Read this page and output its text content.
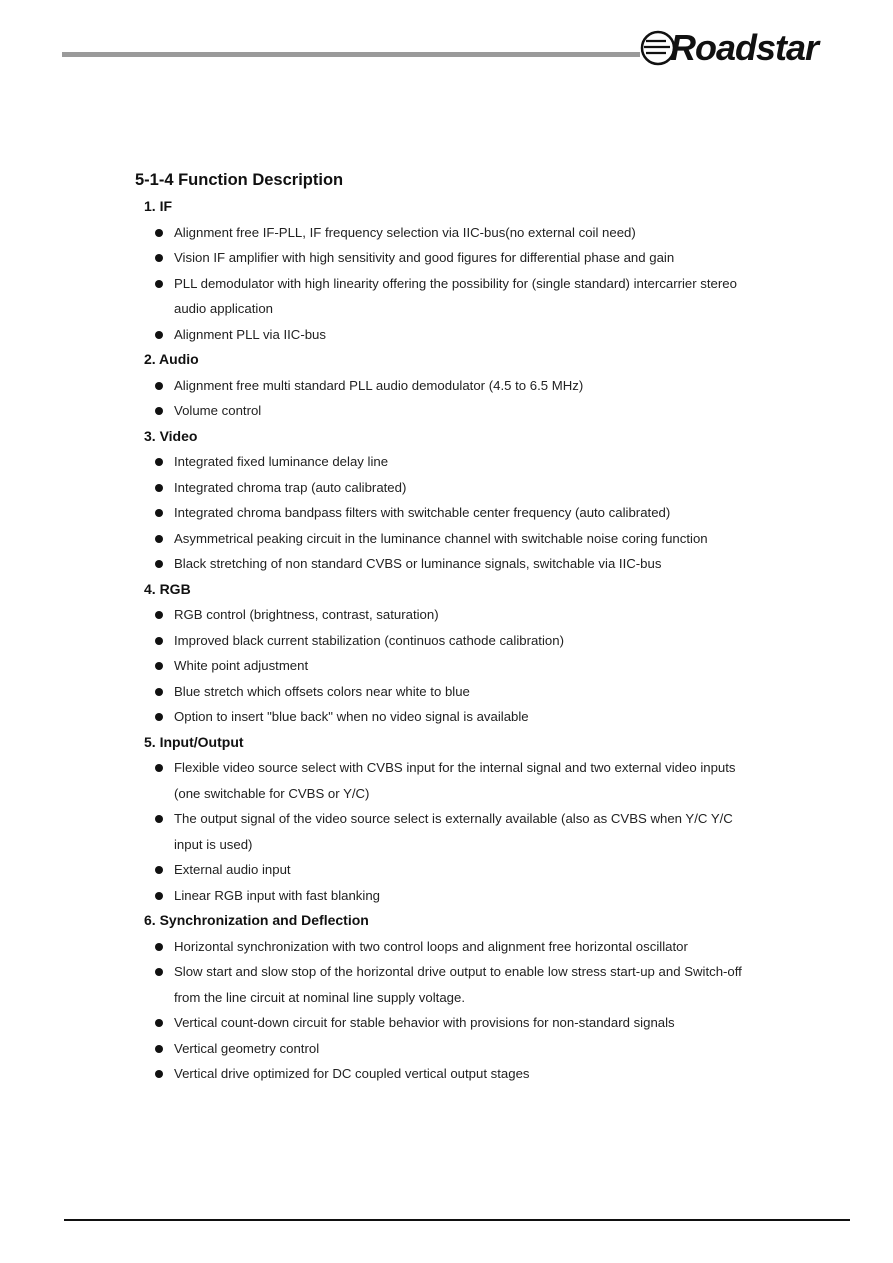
Roadstar
5-1-4 Function Description
1. IF
Alignment free IF-PLL, IF frequency selection via IIC-bus(no external coil need)
Vision IF amplifier with high sensitivity and good figures for differential phase and gain
PLL demodulator with high linearity offering the possibility for (single standard) intercarrier stereo audio application
Alignment PLL via IIC-bus
2. Audio
Alignment free multi standard PLL audio demodulator (4.5 to 6.5 MHz)
Volume control
3. Video
Integrated fixed luminance delay line
Integrated chroma trap (auto calibrated)
Integrated chroma bandpass filters with switchable center frequency (auto calibrated)
Asymmetrical peaking circuit in the luminance channel with switchable noise coring function
Black stretching of non standard CVBS or luminance signals, switchable via IIC-bus
4. RGB
RGB control (brightness, contrast, saturation)
Improved black current stabilization (continuos cathode calibration)
White point adjustment
Blue stretch which offsets colors near white to blue
Option to insert "blue back" when no video signal is available
5. Input/Output
Flexible video source select with CVBS input for the internal signal and two external video inputs (one switchable for CVBS or Y/C)
The output signal of the video source select is externally available (also as CVBS when Y/C Y/C input is used)
External audio input
Linear RGB input with fast blanking
6. Synchronization and Deflection
Horizontal synchronization with two control loops and alignment free horizontal oscillator
Slow start and slow stop of the horizontal drive output to enable low stress start-up and Switch-off from the line circuit at nominal line supply voltage.
Vertical count-down circuit for stable behavior with provisions for non-standard signals
Vertical geometry control
Vertical drive optimized for DC coupled vertical output stages
